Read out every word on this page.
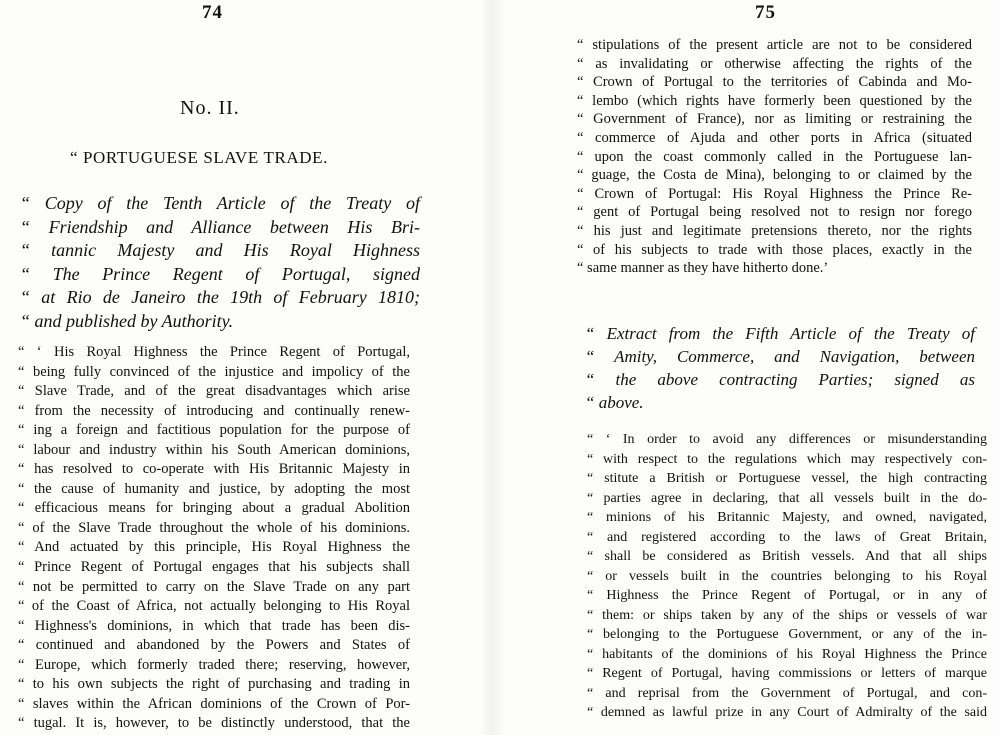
74
No. II.
“ PORTUGUESE SLAVE TRADE.
“ Copy of the Tenth Article of the Treaty of
“ Friendship and Alliance between His Bri-
“ tannic Majesty and His Royal Highness
“ The Prince Regent of Portugal, signed
“ at Rio de Janeiro the 19th of February 1810;
“ and published by Authority.
“ ‘ His Royal Highness the Prince Regent of Portugal,
“ being fully convinced of the injustice and impolicy of the
“ Slave Trade, and of the great disadvantages which arise
“ from the necessity of introducing and continually renew-
“ ing a foreign and factitious population for the purpose of
“ labour and industry within his South American dominions,
“ has resolved to co-operate with His Britannic Majesty in
“ the cause of humanity and justice, by adopting the most
“ efficacious means for bringing about a gradual Abolition
“ of the Slave Trade throughout the whole of his dominions.
“ And actuated by this principle, His Royal Highness the
“ Prince Regent of Portugal engages that his subjects shall
“ not be permitted to carry on the Slave Trade on any part
“ of the Coast of Africa, not actually belonging to His Royal
“ Highness's dominions, in which that trade has been dis-
“ continued and abandoned by the Powers and States of
“ Europe, which formerly traded there; reserving, however,
“ to his own subjects the right of purchasing and trading in
“ slaves within the African dominions of the Crown of Por-
“ tugal. It is, however, to be distinctly understood, that the
75
“ stipulations of the present article are not to be considered
“ as invalidating or otherwise affecting the rights of the
“ Crown of Portugal to the territories of Cabinda and Mo-
“ lembo (which rights have formerly been questioned by the
“ Government of France), nor as limiting or restraining the
“ commerce of Ajuda and other ports in Africa (situated
“ upon the coast commonly called in the Portuguese lan-
“ guage, the Costa de Mina), belonging to or claimed by the
“ Crown of Portugal: His Royal Highness the Prince Re-
“ gent of Portugal being resolved not to resign nor forego
“ his just and legitimate pretensions thereto, nor the rights
“ of his subjects to trade with those places, exactly in the
“ same manner as they have hitherto done.’
“ Extract from the Fifth Article of the Treaty of
“ Amity, Commerce, and Navigation, between
“ the above contracting Parties; signed as
“ above.
“ ‘ In order to avoid any differences or misunderstanding
“ with respect to the regulations which may respectively con-
“ stitute a British or Portuguese vessel, the high contracting
“ parties agree in declaring, that all vessels built in the do-
“ minions of his Britannic Majesty, and owned, navigated,
“ and registered according to the laws of Great Britain,
“ shall be considered as British vessels. And that all ships
“ or vessels built in the countries belonging to his Royal
“ Highness the Prince Regent of Portugal, or in any of
“ them: or ships taken by any of the ships or vessels of war
“ belonging to the Portuguese Government, or any of the in-
“ habitants of the dominions of his Royal Highness the Prince
“ Regent of Portugal, having commissions or letters of marque
“ and reprisal from the Government of Portugal, and con-
“ demned as lawful prize in any Court of Admiralty of the said
